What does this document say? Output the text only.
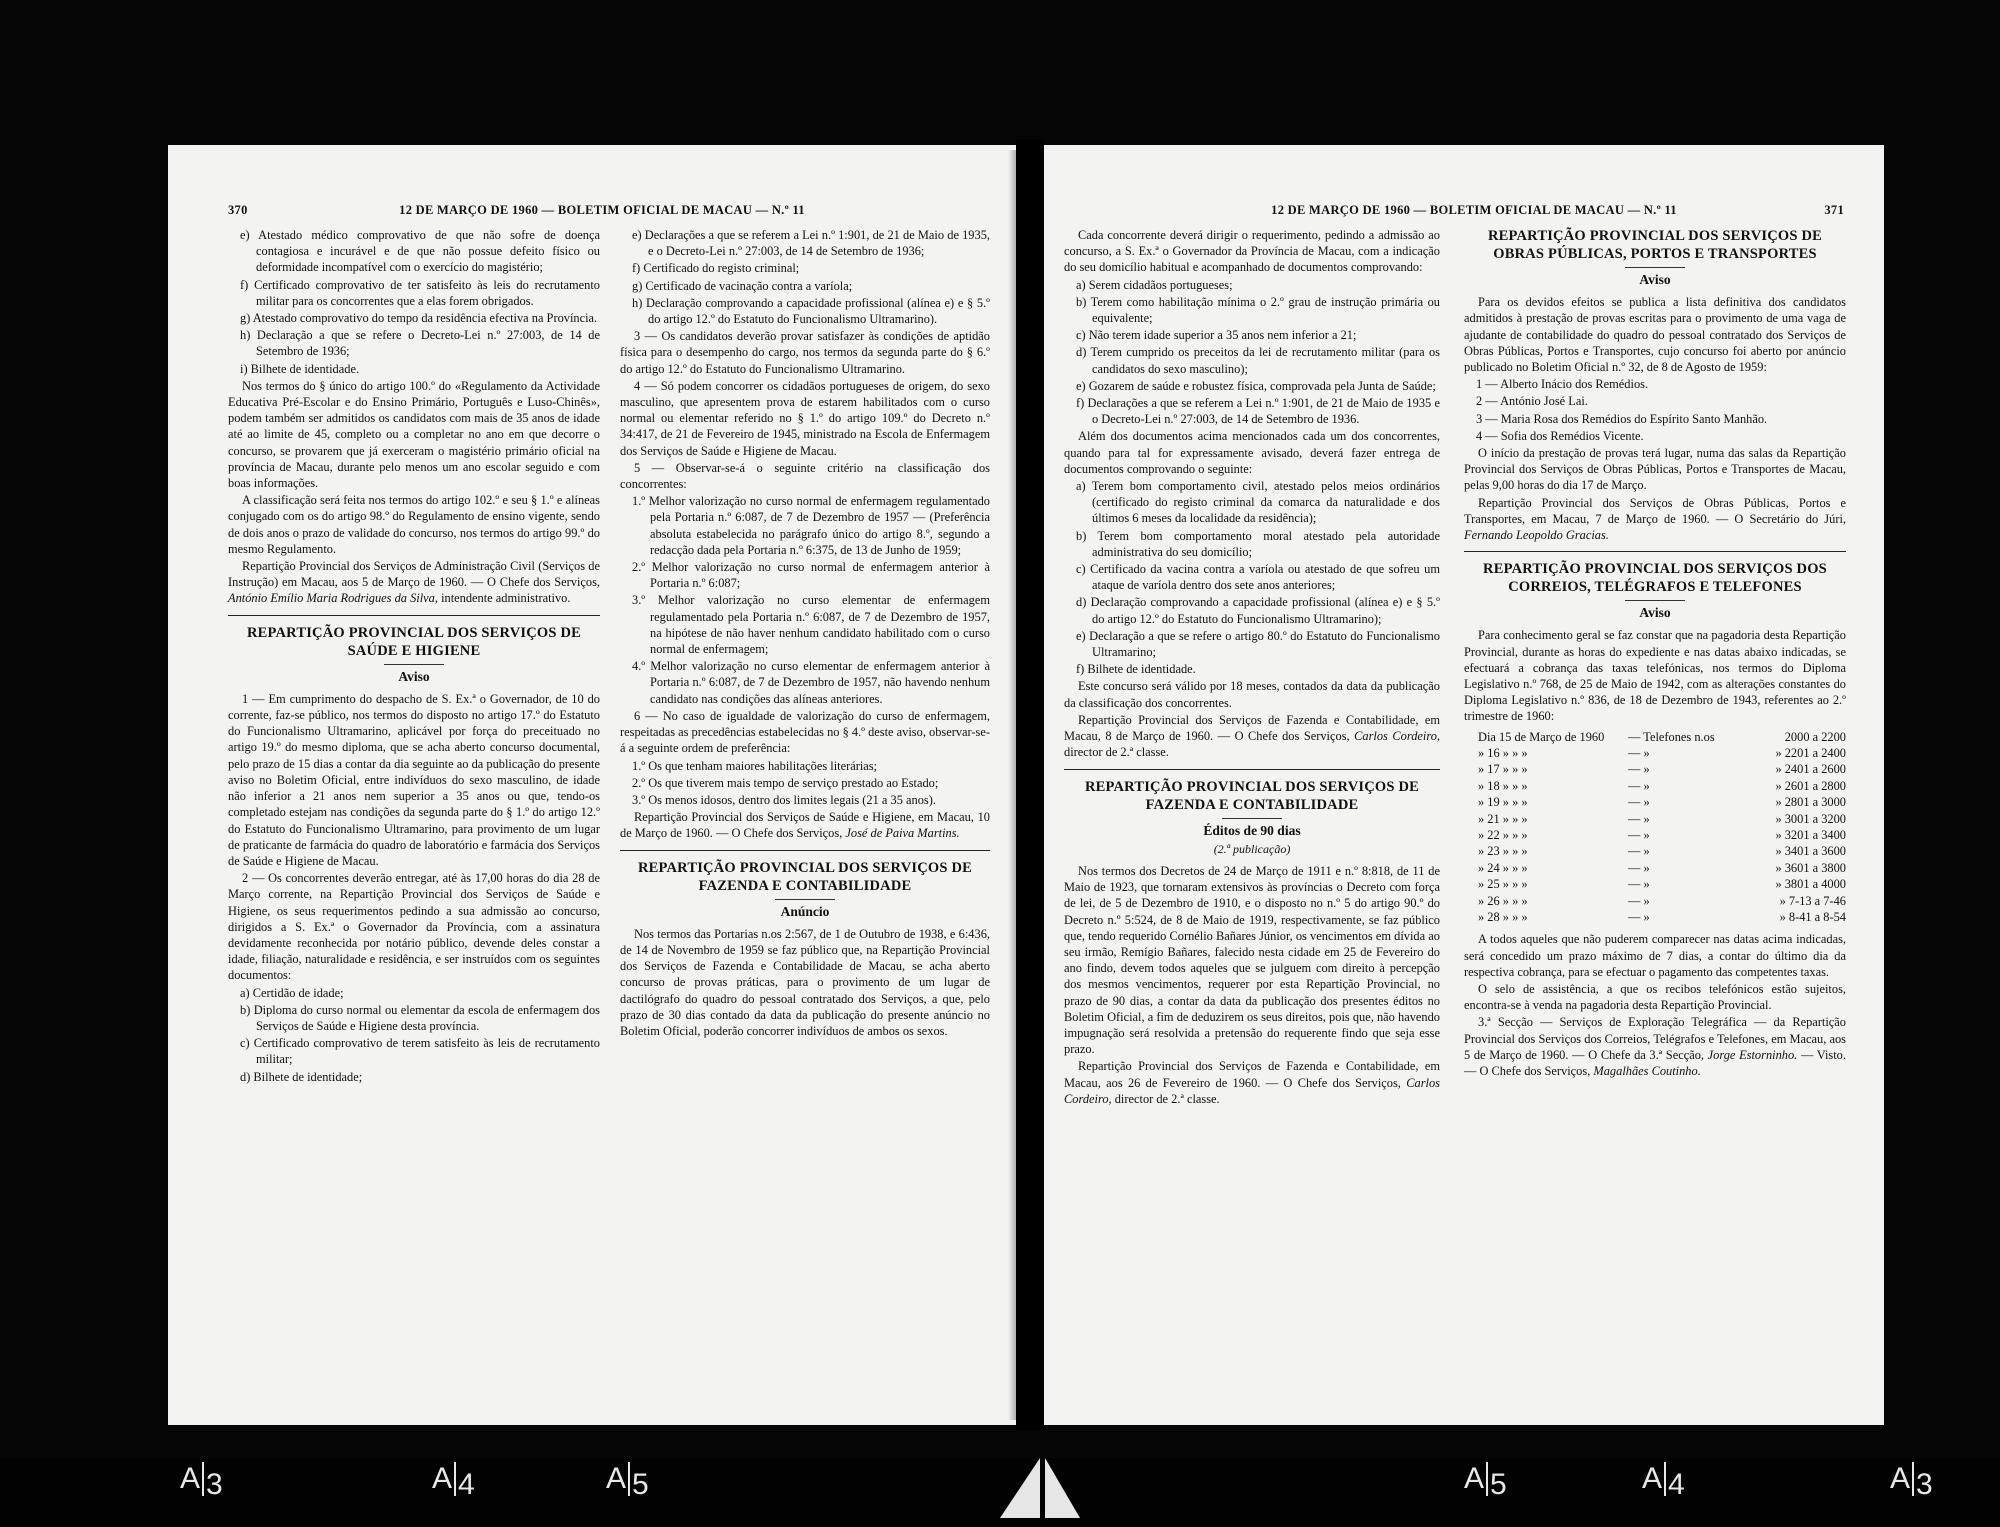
370	12 DE MARÇO DE 1960 — BOLETIM OFICIAL DE MACAU — N.º 11
e) Atestado médico comprovativo de que não sofre de doença contagiosa e incurável e de que não possue defeito físico ou deformidade incompatível com o exercício do magistério;
f) Certificado comprovativo de ter satisfeito às leis do recrutamento militar para os concorrentes que a elas forem obrigados.
g) Atestado comprovativo do tempo da residência efectiva na Província.
h) Declaração a que se refere o Decreto-Lei n.º 27:003, de 14 de Setembro de 1936;
i) Bilhete de identidade.

Nos termos do § único do artigo 100.º do «Regulamento da Actividade Educativa Pré-Escolar e do Ensino Primário, Português e Luso-Chinês», podem também ser admitidos os candidatos com mais de 35 anos de idade até ao limite de 45, completo ou a completar no ano em que decorre o concurso, se provarem que já exerceram o magistério primário oficial na província de Macau, durante pelo menos um ano escolar seguido e com boas informações.

A classificação será feita nos termos do artigo 102.º e seu § 1.º e alíneas conjugado com os do artigo 98.º do Regulamento de ensino vigente, sendo de dois anos o prazo de validade do concurso, nos termos do artigo 99.º do mesmo Regulamento.

Repartição Provincial dos Serviços de Administração Civil (Serviços de Instrução) em Macau, aos 5 de Março de 1960. — O Chefe dos Serviços, António Emílio Maria Rodrigues da Silva, intendente administrativo.

REPARTIÇÃO PROVINCIAL DOS SERVIÇOS DE SAÚDE E HIGIENE
Aviso

1 — Em cumprimento do despacho de S. Ex.ª o Governador, de 10 do corrente, faz-se público, nos termos do disposto no artigo 17.º do Estatuto do Funcionalismo Ultramarino, aplicável por força do preceituado no artigo 19.º do mesmo diploma, que se acha aberto concurso documental, pelo prazo de 15 dias a contar da dia seguinte ao da publicação do presente aviso no Boletim Oficial, entre indivíduos do sexo masculino, de idade não inferior a 21 anos nem superior a 35 anos ou que, tendo-os completado estejam nas condições da segunda parte do § 1.º do artigo 12.º do Estatuto do Funcionalismo Ultramarino, para provimento de um lugar de praticante de farmácia do quadro de laboratório e farmácia dos Serviços de Saúde e Higiene de Macau.

2 — Os concorrentes deverão entregar, até às 17,00 horas do dia 28 de Março corrente, na Repartição Provincial dos Serviços de Saúde e Higiene, os seus requerimentos pedindo a sua admissão ao concurso, dirigidos a S. Ex.ª o Governador da Província, com a assinatura devidamente reconhecida por notário público, devende deles constar a idade, filiação, naturalidade e residência, e ser instruídos com os seguintes documentos:

a) Certidão de idade;
b) Diploma do curso normal ou elementar da escola de enfermagem dos Serviços de Saúde e Higiene desta província.
c) Certificado comprovativo de terem satisfeito às leis de recrutamento militar;
d) Bilhete de identidade;
e) Declarações a que se referem a Lei n.º 1:901, de 21 de Maio de 1935, e o Decreto-Lei n.º 27:003, de 14 de Setembro de 1936;
f) Certificado do registo criminal;
g) Certificado de vacinação contra a varíola;
h) Declaração comprovando a capacidade profissional (alínea e) e § 5.º do artigo 12.º do Estatuto do Funcionalismo Ultramarino).

3 — Os candidatos deverão provar satisfazer às condições de aptidão física para o desempenho do cargo, nos termos da segunda parte do § 6.º do artigo 12.º do Estatuto do Funcionalismo Ultramarino.

4 — Só podem concorrer os cidadãos portugueses de origem, do sexo masculino, que apresentem prova de estarem habilitados com o curso normal ou elementar referido no § 1.º do artigo 109.º do Decreto n.º 34:417, de 21 de Fevereiro de 1945, ministrado na Escola de Enfermagem dos Serviços de Saúde e Higiene de Macau.

5 — Observar-se-á o seguinte critério na classificação dos concorrentes:

1.º Melhor valorização no curso normal de enfermagem regulamentado pela Portaria n.º 6:087, de 7 de Dezembro de 1957 — (Preferência absoluta estabelecida no parágrafo único do artigo 8.º, segundo a redacção dada pela Portaria n.º 6:375, de 13 de Junho de 1959;
2.º Melhor valorização no curso normal de enfermagem anterior à Portaria n.º 6:087;
3.º Melhor valorização no curso elementar de enfermagem regulamentado pela Portaria n.º 6:087, de 7 de Dezembro de 1957, na hipótese de não haver nenhum candidato habilitado com o curso normal de enfermagem;
4.º Melhor valorização no curso elementar de enfermagem anterior à Portaria n.º 6:087, de 7 de Dezembro de 1957, não havendo nenhum candidato nas condições das alíneas anteriores.

6 — No caso de igualdade de valorização do curso de enfermagem, respeitadas as precedências estabelecidas no § 4.º deste aviso, observar-se-á a seguinte ordem de preferência:

1.º Os que tenham maiores habilitações literárias;
2.º Os que tiverem mais tempo de serviço prestado ao Estado;
3.º Os menos idosos, dentro dos limites legais (21 a 35 anos).

Repartição Provincial dos Serviços de Saúde e Higiene, em Macau, 10 de Março de 1960. — O Chefe dos Serviços, José de Paiva Martins.

REPARTIÇÃO PROVINCIAL DOS SERVIÇOS DE FAZENDA E CONTABILIDADE
Anúncio

Nos termos das Portarias n.os 2:567, de 1 de Outubro de 1938, e 6:436, de 14 de Novembro de 1959 se faz público que, na Repartição Provincial dos Serviços de Fazenda e Contabilidade de Macau, se acha aberto concurso de provas práticas, para o provimento de um lugar de dactilógrafo do quadro do pessoal contratado dos Serviços, a que, pelo prazo de 30 dias contado da data da publicação do presente anúncio no Boletim Oficial, poderão concorrer indivíduos de ambos os sexos.

12 DE MARÇO DE 1960 — BOLETIM OFICIAL DE MACAU — N.º 11	371

Cada concorrente deverá dirigir o requerimento, pedindo a admissão ao concurso, a S. Ex.ª o Governador da Província de Macau, com a indicação do seu domicílio habitual e acompanhado de documentos comprovando:

a) Serem cidadãos portugueses;
b) Terem como habilitação mínima o 2.º grau de instrução primária ou equivalente;
c) Não terem idade superior a 35 anos nem inferior a 21;
d) Terem cumprido os preceitos da lei de recrutamento militar (para os candidatos do sexo masculino);
e) Gozarem de saúde e robustez física, comprovada pela Junta de Saúde;
f) Declarações a que se referem a Lei n.º 1:901, de 21 de Maio de 1935 e o Decreto-Lei n.º 27:003, de 14 de Setembro de 1936.

Além dos documentos acima mencionados cada um dos concorrentes, quando para tal for expressamente avisado, deverá fazer entrega de documentos comprovando o seguinte:

a) Terem bom comportamento civil, atestado pelos meios ordinários (certificado do registo criminal da comarca da naturalidade e dos últimos 6 meses da localidade da residência);
b) Terem bom comportamento moral atestado pela autoridade administrativa do seu domicílio;
c) Certificado da vacina contra a varíola ou atestado de que sofreu um ataque de varíola dentro dos sete anos anteriores;
d) Declaração comprovando a capacidade profissional (alínea e) e § 5.º do artigo 12.º do Estatuto do Funcionalismo Ultramarino);
e) Declaração a que se refere o artigo 80.º do Estatuto do Funcionalismo Ultramarino;
f) Bilhete de identidade.

Este concurso será válido por 18 meses, contados da data da publicação da classificação dos concorrentes.

Repartição Provincial dos Serviços de Fazenda e Contabilidade, em Macau, 8 de Março de 1960. — O Chefe dos Serviços, Carlos Cordeiro, director de 2.ª classe.

REPARTIÇÃO PROVINCIAL DOS SERVIÇOS DE FAZENDA E CONTABILIDADE
Éditos de 90 dias
(2.ª publicação)

Nos termos dos Decretos de 24 de Março de 1911 e n.º 8:818, de 11 de Maio de 1923, que tornaram extensivos às províncias o Decreto com força de lei, de 5 de Dezembro de 1910, e o disposto no n.º 5 do artigo 90.º do Decreto n.º 5:524, de 8 de Maio de 1919, respectivamente, se faz público que, tendo requerido Cornélio Bañares Júnior, os vencimentos em dívida ao seu irmão, Remígio Bañares, falecido nesta cidade em 25 de Fevereiro do ano findo, devem todos aqueles que se julguem com direito à percepção dos mesmos vencimentos, requerer por esta Repartição Provincial, no prazo de 90 dias, a contar da data da publicação dos presentes éditos no Boletim Oficial, a fim de deduzirem os seus direitos, pois que, não havendo impugnação será resolvida a pretensão do requerente findo que seja esse prazo.

Repartição Provincial dos Serviços de Fazenda e Contabilidade, em Macau, aos 26 de Fevereiro de 1960. — O Chefe dos Serviços, Carlos Cordeiro, director de 2.ª classe.

REPARTIÇÃO PROVINCIAL DOS SERVIÇOS DE OBRAS PÚBLICAS, PORTOS E TRANSPORTES
Aviso

Para os devidos efeitos se publica a lista definitiva dos candidatos admitidos à prestação de provas escritas para o provimento de uma vaga de ajudante de contabilidade do quadro do pessoal contratado dos Serviços de Obras Públicas, Portos e Transportes, cujo concurso foi aberto por anúncio publicado no Boletim Oficial n.º 32, de 8 de Agosto de 1959:

1 — Alberto Inácio dos Remédios.
2 — António José Lai.
3 — Maria Rosa dos Remédios do Espírito Santo Manhão.
4 — Sofia dos Remédios Vicente.

O início da prestação de provas terá lugar, numa das salas da Repartição Provincial dos Serviços de Obras Públicas, Portos e Transportes de Macau, pelas 9,00 horas do dia 17 de Março.

Repartição Provincial dos Serviços de Obras Públicas, Portos e Transportes, em Macau, 7 de Março de 1960. — O Secretário do Júri, Fernando Leopoldo Gracias.

REPARTIÇÃO PROVINCIAL DOS SERVIÇOS DOS CORREIOS, TELÉGRAFOS E TELEFONES
Aviso

Para conhecimento geral se faz constar que na pagadoria desta Repartição Provincial, durante as horas do expediente e nas datas abaixo indicadas, se efectuará a cobrança das taxas telefónicas, nos termos do Diploma Legislativo n.º 768, de 25 de Maio de 1942, com as alterações constantes do Diploma Legislativo n.º 836, de 18 de Dezembro de 1943, referentes ao 2.º trimestre de 1960:

Dia 15 de Março de 1960	— Telefones n.os	2000 a 2200
» 16 » » »	— »	» 2201 a 2400
» 17 » » »	— »	» 2401 a 2600
» 18 » » »	— »	» 2601 a 2800
» 19 » » »	— »	» 2801 a 3000
» 21 » » »	— »	» 3001 a 3200
» 22 » » »	— »	» 3201 a 3400
» 23 » » »	— »	» 3401 a 3600
» 24 » » »	— »	» 3601 a 3800
» 25 » » »	— »	» 3801 a 4000
» 26 » » »	— »	» 7-13 a 7-46
» 28 » » »	— »	» 8-41 a 8-54

A todos aqueles que não puderem comparecer nas datas acima indicadas, será concedido um prazo máximo de 7 dias, a contar do último dia da respectiva cobrança, para se efectuar o pagamento das competentes taxas.

O selo de assistência, a que os recibos telefónicos estão sujeitos, encontra-se à venda na pagadoria desta Repartição Provincial.

3.ª Secção — Serviços de Exploração Telegráfica — da Repartição Provincial dos Serviços dos Correios, Telégrafos e Telefones, em Macau, aos 5 de Março de 1960. — O Chefe da 3.ª Secção, Jorge Estorninho. — Visto. — O Chefe dos Serviços, Magalhães Coutinho.

A 3	A 4	A 5	A 5	A 4	A 3
